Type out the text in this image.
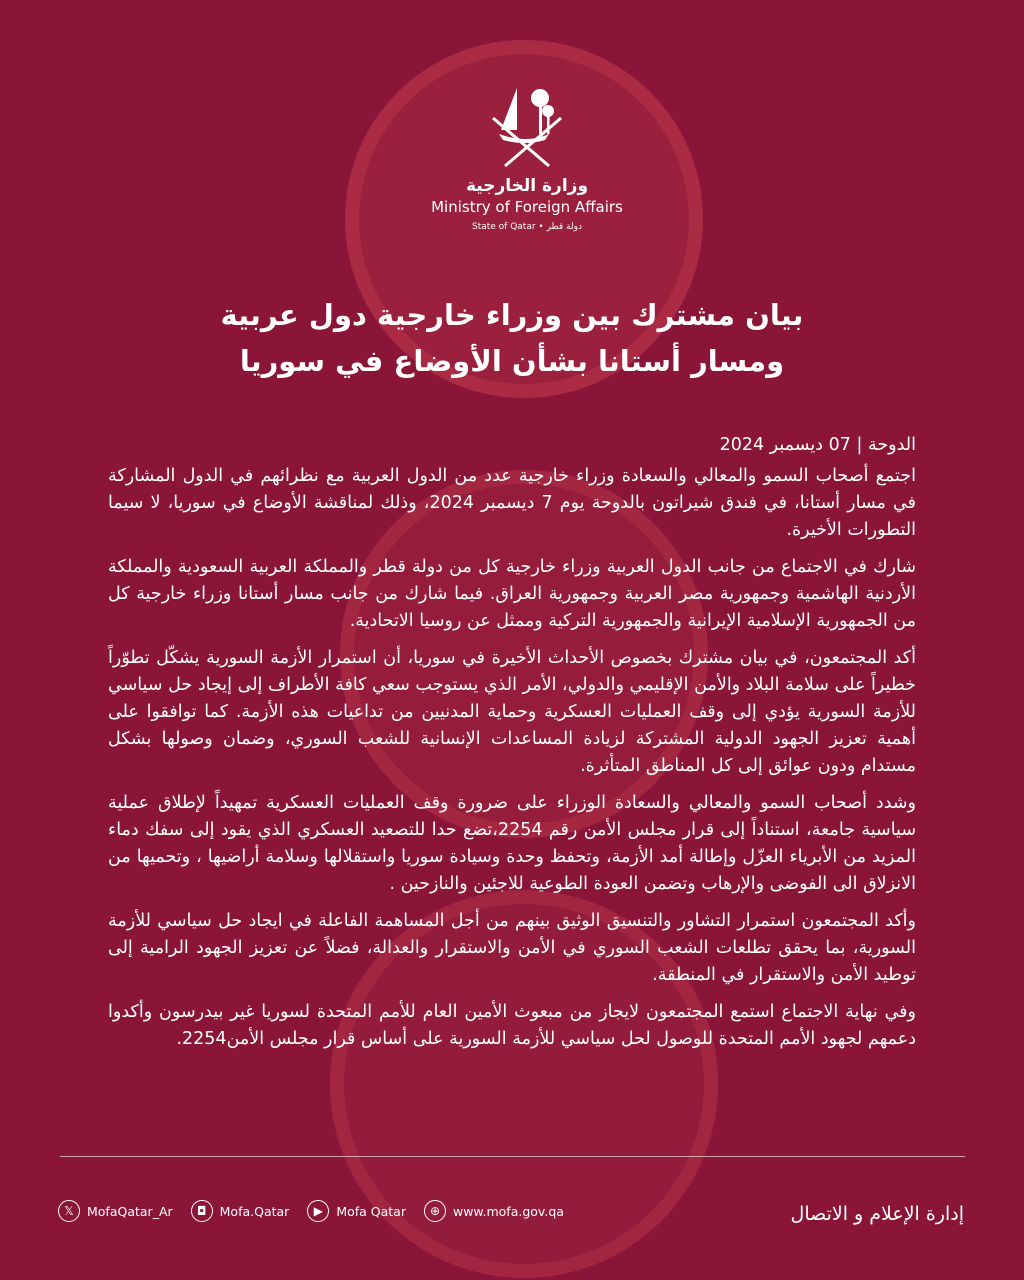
وزارة الخارجية
Ministry of Foreign Affairs
State of Qatar • دولة قطر
بيان مشترك بين وزراء خارجية دول عربية
ومسار أستانا بشأن الأوضاع في سوريا

الدوحة | 07 ديسمبر 2024

اجتمع أصحاب السمو والمعالي والسعادة وزراء خارجية عدد من الدول العربية مع نظرائهم في الدول المشاركة في مسار أستانا، في فندق شيراتون بالدوحة يوم 7 ديسمبر 2024، وذلك لمناقشة الأوضاع في سوريا، لا سيما التطورات الأخيرة.

شارك في الاجتماع من جانب الدول العربية وزراء خارجية كل من دولة قطر والمملكة العربية السعودية والمملكة الأردنية الهاشمية وجمهورية مصر العربية وجمهورية العراق. فيما شارك من جانب مسار أستانا وزراء خارجية كل من الجمهورية الإسلامية الإيرانية والجمهورية التركية وممثل عن روسيا الاتحادية.

أكد المجتمعون، في بيان مشترك بخصوص الأحداث الأخيرة في سوريا، أن استمرار الأزمة السورية يشكّل تطوّراً خطيراً على سلامة البلاد والأمن الإقليمي والدولي، الأمر الذي يستوجب سعي كافة الأطراف إلى إيجاد حل سياسي للأزمة السورية يؤدي إلى وقف العمليات العسكرية وحماية المدنيين من تداعيات هذه الأزمة. كما توافقوا على أهمية تعزيز الجهود الدولية المشتركة لزيادة المساعدات الإنسانية للشعب السوري، وضمان وصولها بشكل مستدام ودون عوائق إلى كل المناطق المتأثرة.

وشدد أصحاب السمو والمعالي والسعادة الوزراء على ضرورة وقف العمليات العسكرية تمهيداً لإطلاق عملية سياسية جامعة، استناداً إلى قرار مجلس الأمن رقم 2254،تضع حدا للتصعيد العسكري الذي يقود إلى سفك دماء المزيد من الأبرياء العزّل وإطالة أمد الأزمة، وتحفظ وحدة وسيادة سوريا واستقلالها وسلامة أراضيها ، وتحميها من الانزلاق الى الفوضى والإرهاب وتضمن العودة الطوعية للاجئين والنازحين .

وأكد المجتمعون استمرار التشاور والتنسيق الوثيق بينهم من أجل المساهمة الفاعلة في ايجاد حل سياسي للأزمة السورية، بما يحقق تطلعات الشعب السوري في الأمن والاستقرار والعدالة، فضلاً عن تعزيز الجهود الرامية إلى توطيد الأمن والاستقرار في المنطقة.

وفي نهاية الاجتماع استمع المجتمعون لايجاز من مبعوث الأمين العام للأمم المتحدة لسوريا غير بيدرسون وأكدوا دعمهم لجهود الأمم المتحدة للوصول لحل سياسي للأزمة السورية على أساس قرار مجلس الأمن2254.

𝕏	MofaQatar_Ar	◘	Mofa.Qatar	▶	Mofa Qatar	⊕	www.mofa.gov.qa	إدارة الإعلام و الاتصال
